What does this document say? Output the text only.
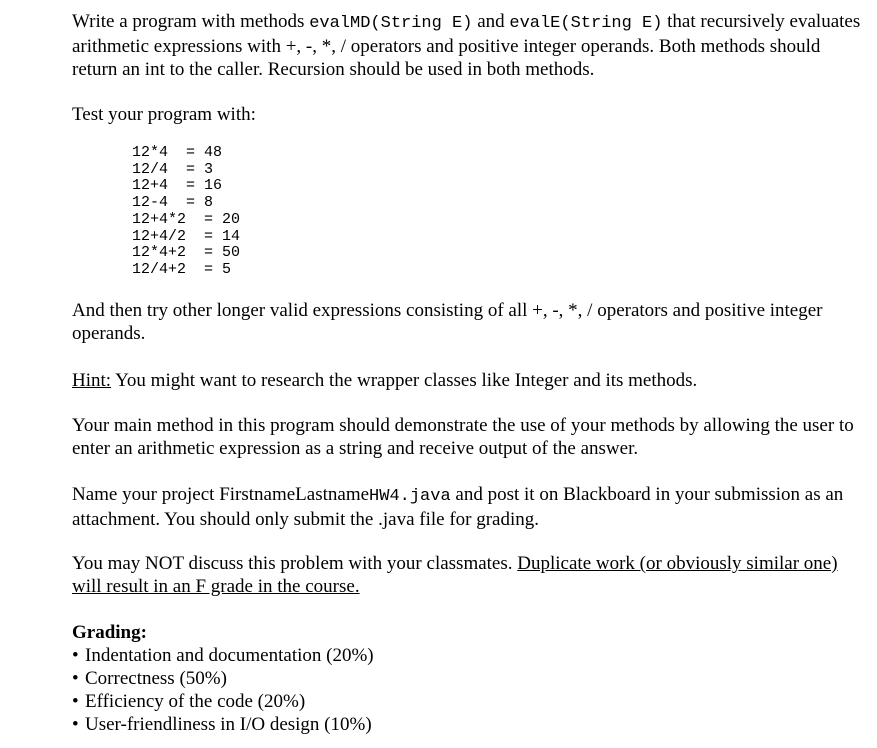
Write a program with methods evalMD(String E) and evalE(String E) that recursively evaluates arithmetic expressions with +, -, *, / operators and positive integer operands. Both methods should return an int to the caller. Recursion should be used in both methods.

Test your program with:

12*4  = 48
12/4  = 3
12+4  = 16
12-4  = 8
12+4*2  = 20
12+4/2  = 14
12*4+2  = 50
12/4+2  = 5

And then try other longer valid expressions consisting of all +, -, *, / operators and positive integer operands.

Hint: You might want to research the wrapper classes like Integer and its methods.

Your main method in this program should demonstrate the use of your methods by allowing the user to enter an arithmetic expression as a string and receive output of the answer.

Name your project FirstnameLastnameHW4.java and post it on Blackboard in your submission as an attachment. You should only submit the .java file for grading.

You may NOT discuss this problem with your classmates. Duplicate work (or obviously similar one) will result in an F grade in the course.

Grading:
• Indentation and documentation (20%)
• Correctness (50%)
• Efficiency of the code (20%)
• User-friendliness in I/O design (10%)
